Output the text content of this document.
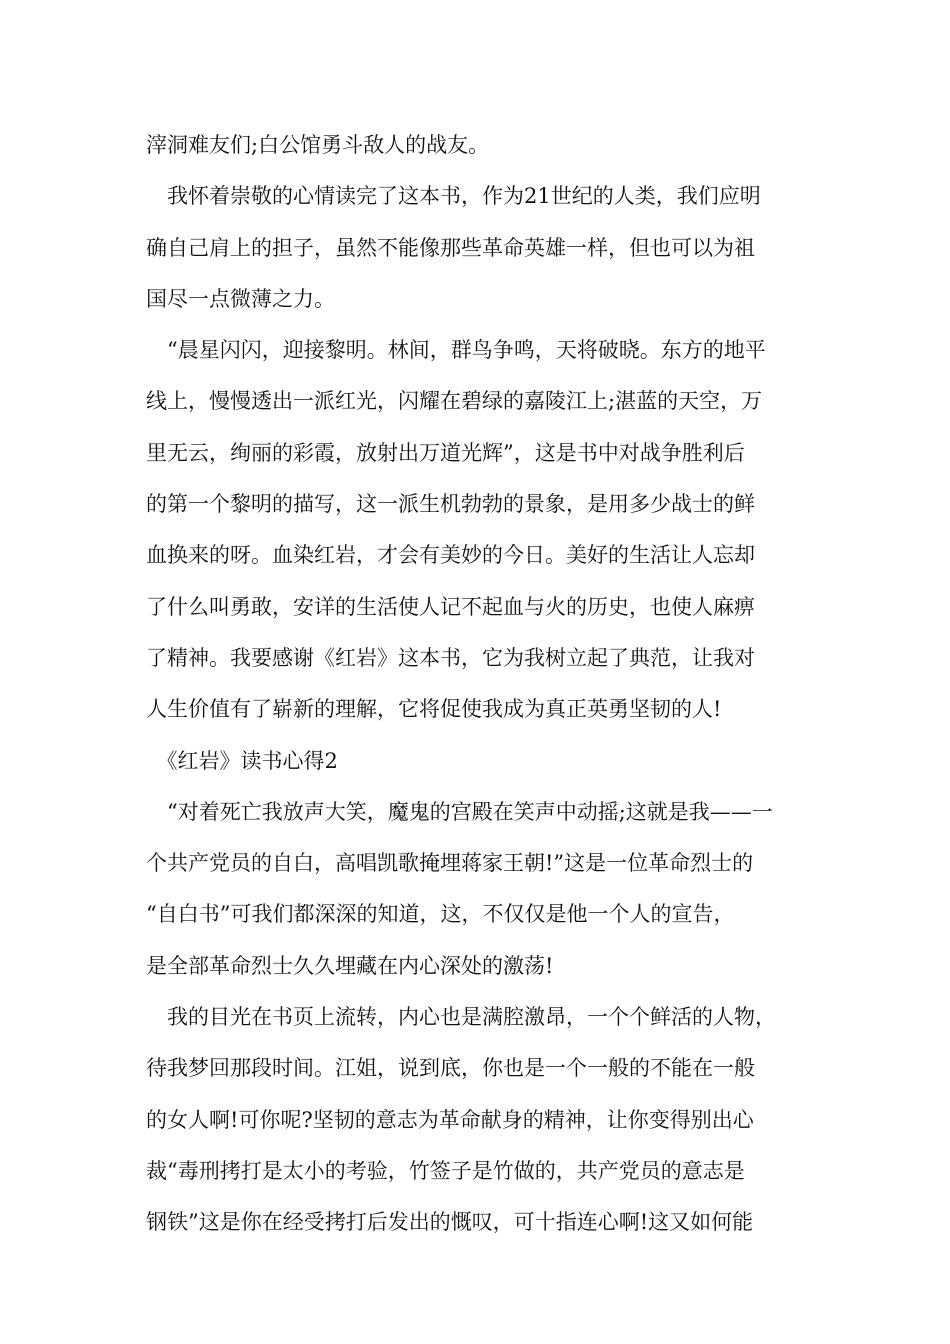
滓洞难友们;白公馆勇斗敌人的战友。
　我怀着崇敬的心情读完了这本书，作为21世纪的人类，我们应明
确自己肩上的担子，虽然不能像那些革命英雄一样，但也可以为祖
国尽一点微薄之力。
　“晨星闪闪，迎接黎明。林间，群鸟争鸣，天将破晓。东方的地平
线上，慢慢透出一派红光，闪耀在碧绿的嘉陵江上;湛蓝的天空，万
里无云，绚丽的彩霞，放射出万道光辉”，这是书中对战争胜利后
的第一个黎明的描写，这一派生机勃勃的景象，是用多少战士的鲜
血换来的呀。血染红岩，才会有美妙的今日。美好的生活让人忘却
了什么叫勇敢，安详的生活使人记不起血与火的历史，也使人麻痹
了精神。我要感谢《红岩》这本书，它为我树立起了典范，让我对
人生价值有了崭新的理解，它将促使我成为真正英勇坚韧的人!
　《红岩》读书心得2
　“对着死亡我放声大笑，魔鬼的宫殿在笑声中动摇;这就是我——一
个共产党员的自白，高唱凯歌掩埋蒋家王朝!”这是一位革命烈士的
“自白书”可我们都深深的知道，这，不仅仅是他一个人的宣告，
是全部革命烈士久久埋藏在内心深处的激荡!
　我的目光在书页上流转，内心也是满腔激昂，一个个鲜活的人物，
待我梦回那段时间。江姐，说到底，你也是一个一般的不能在一般
的女人啊!可你呢?坚韧的意志为革命献身的精神，让你变得别出心
裁“毒刑拷打是太小的考验，竹签子是竹做的，共产党员的意志是
钢铁”这是你在经受拷打后发出的慨叹，可十指连心啊!这又如何能
